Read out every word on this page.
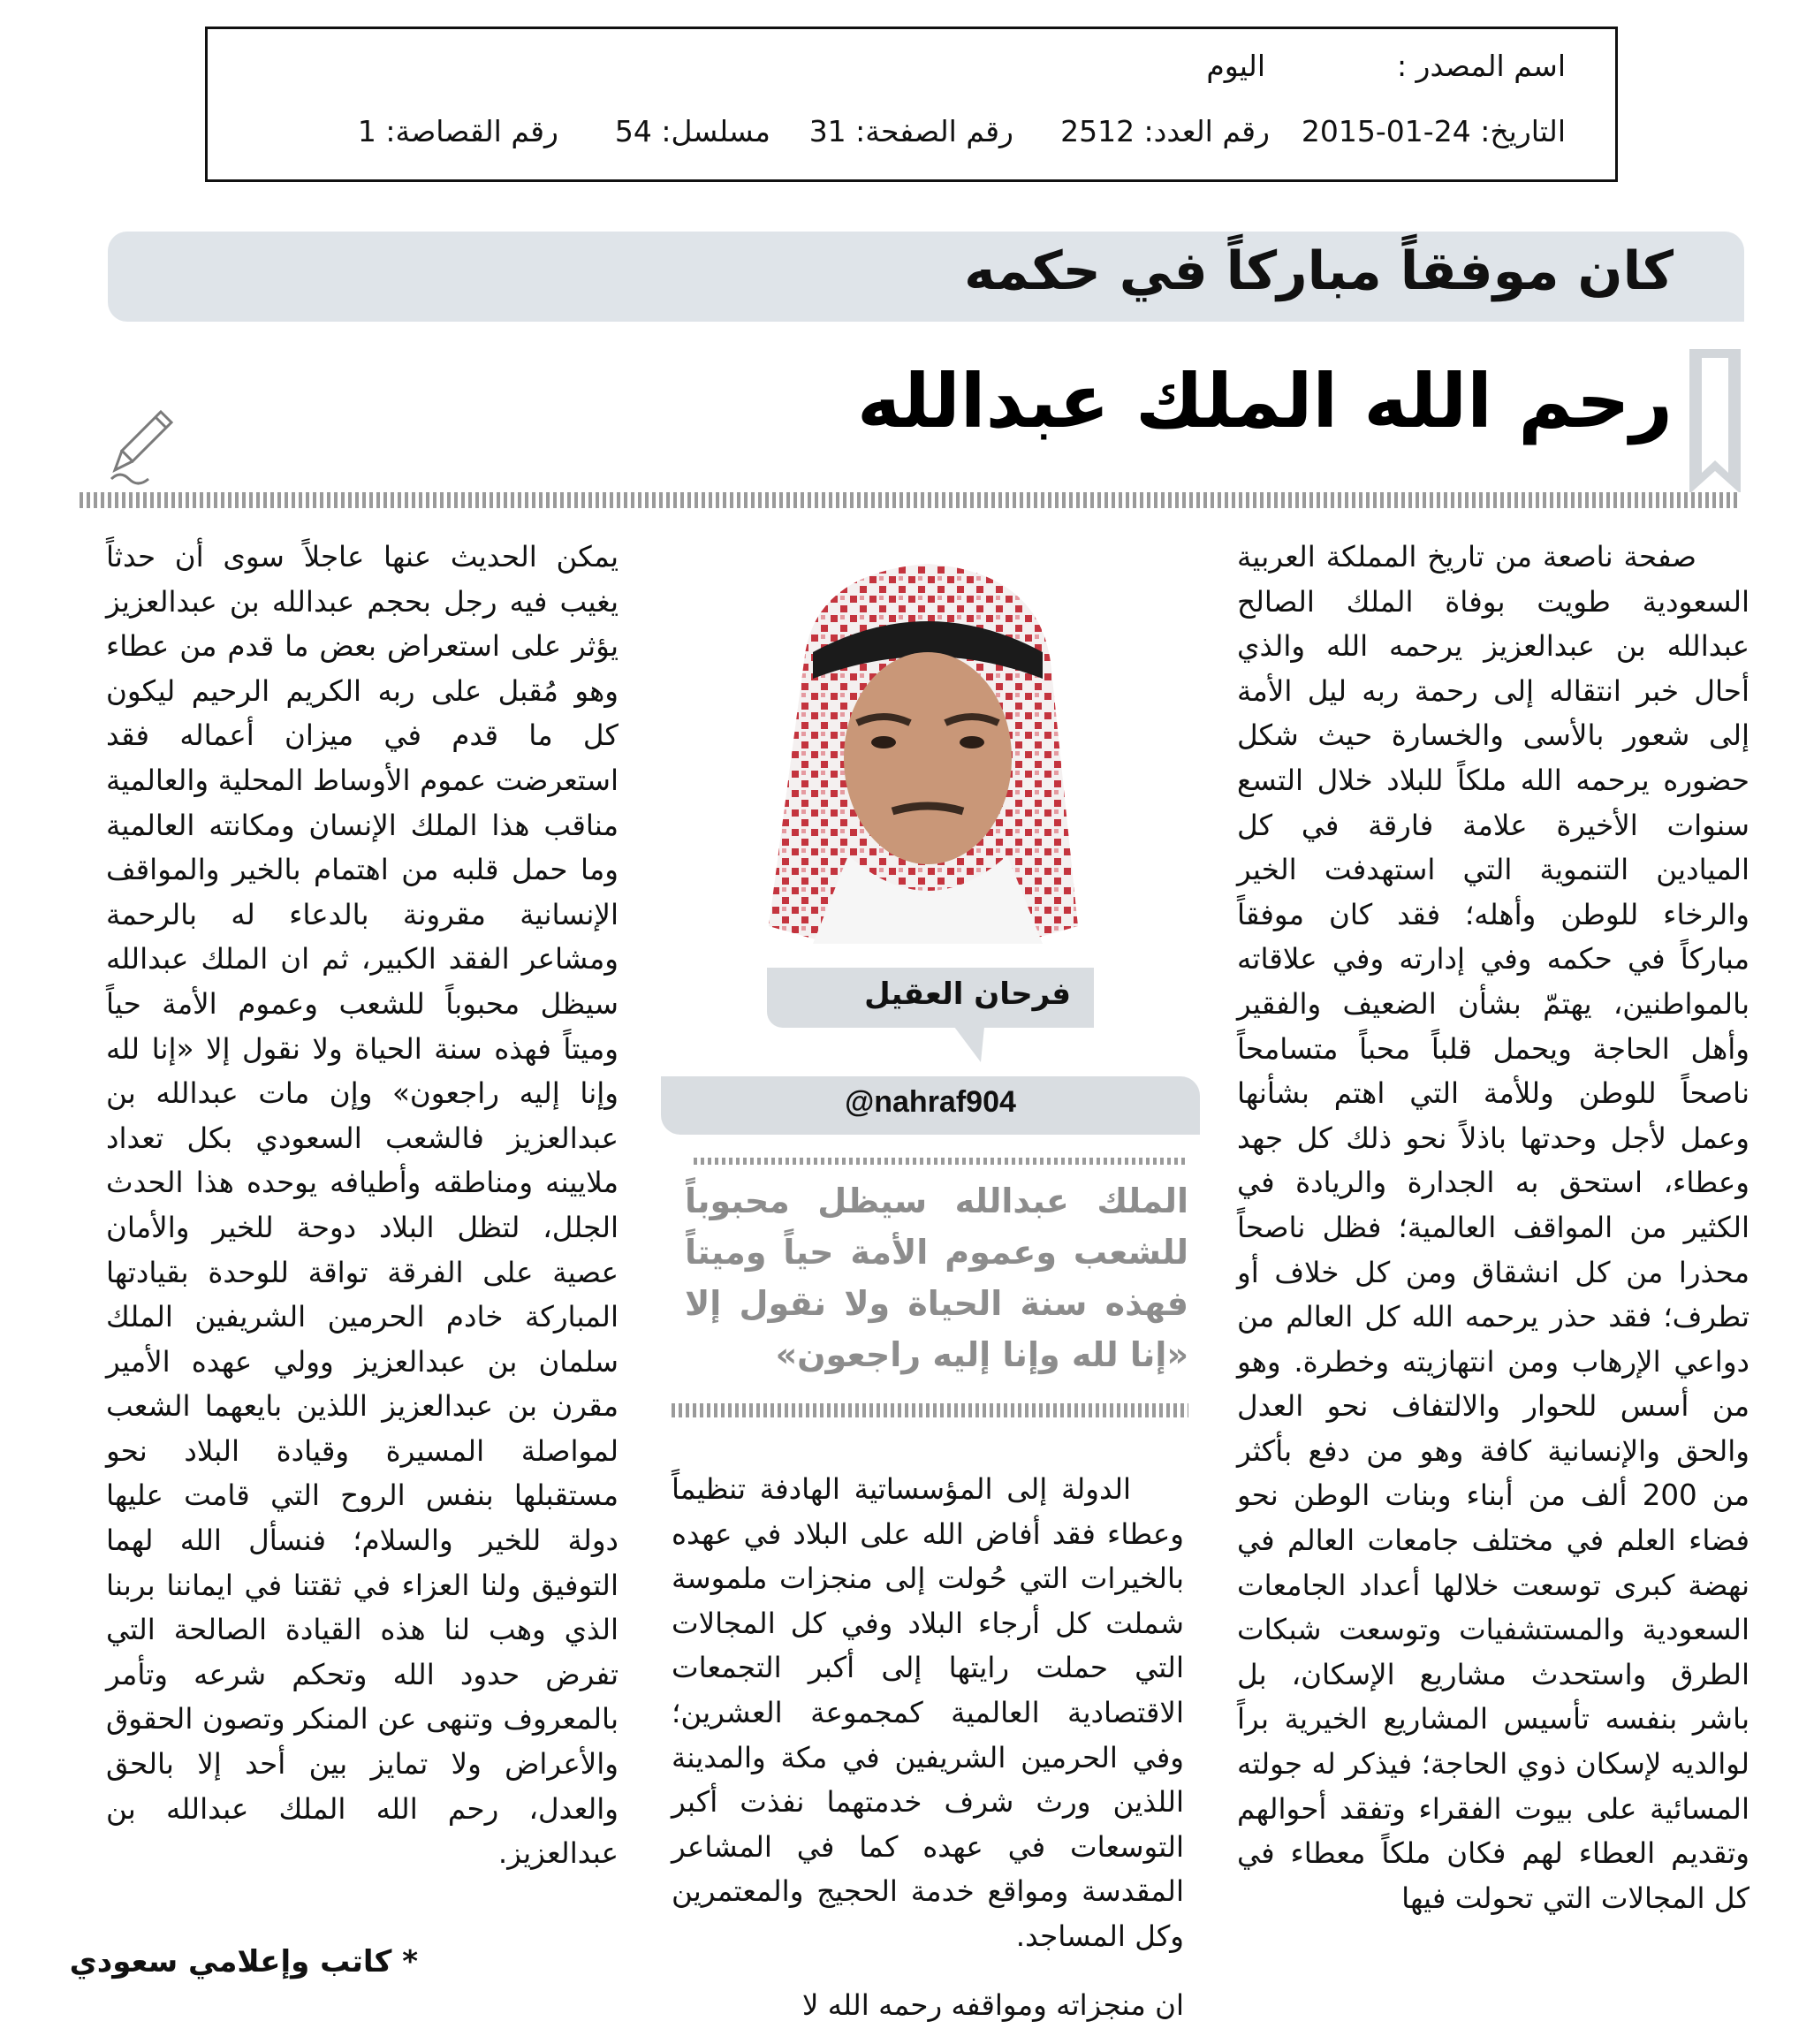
اسم المصدر :
اليوم
التاريخ: 24-01-2015
رقم العدد: 2512
رقم الصفحة: 31
مسلسل: 54
رقم القصاصة: 1
كان موفقاً مباركاً في حكمه
رحم الله الملك عبدالله

صفحة ناصعة من تاريخ المملكة العربية السعودية طويت بوفاة الملك الصالح عبدالله بن عبدالعزيز يرحمه الله والذي أحال خبر انتقاله إلى رحمة ربه ليل الأمة إلى شعور بالأسى والخسارة حيث شكل حضوره يرحمه الله ملكاً للبلاد خلال التسع سنوات الأخيرة علامة فارقة في كل الميادين التنموية التي استهدفت الخير والرخاء للوطن وأهله؛ فقد كان موفقاً مباركاً في حكمه وفي إدارته وفي علاقاته بالمواطنين، يهتمّ بشأن الضعيف والفقير وأهل الحاجة ويحمل قلباً محباً متسامحاً ناصحاً للوطن وللأمة التي اهتم بشأنها وعمل لأجل وحدتها باذلاً نحو ذلك كل جهد وعطاء، استحق به الجدارة والريادة في الكثير من المواقف العالمية؛ فظل ناصحاً محذرا من كل انشقاق ومن كل خلاف أو تطرف؛ فقد حذر يرحمه الله كل العالم من دواعي الإرهاب ومن انتهازيته وخطرة. وهو من أسس للحوار والالتفاف نحو العدل والحق والإنسانية كافة وهو من دفع بأكثر من 200 ألف من أبناء وبنات الوطن نحو فضاء العلم في مختلف جامعات العالم في نهضة كبرى توسعت خلالها أعداد الجامعات السعودية والمستشفيات وتوسعت شبكات الطرق واستحدث مشاريع الإسكان، بل باشر بنفسه تأسيس المشاريع الخيرية براً لوالديه لإسكان ذوي الحاجة؛ فيذكر له جولته المسائية على بيوت الفقراء وتفقد أحوالهم وتقديم العطاء لهم فكان ملكاً معطاء في كل المجالات التي تحولت فيها

فرحان العقيل
@nahraf904
الملك عبدالله سيظل محبوباً للشعب وعموم الأمة حياً وميتاً فهذه سنة الحياة ولا نقول إلا «إنا لله وإنا إليه راجعون»

الدولة إلى المؤسساتية الهادفة تنظيماً وعطاء فقد أفاض الله على البلاد في عهده بالخيرات التي حُولت إلى منجزات ملموسة شملت كل أرجاء البلاد وفي كل المجالات التي حملت رايتها إلى أكبر التجمعات الاقتصادية العالمية كمجموعة العشرين؛ وفي الحرمين الشريفين في مكة والمدينة اللذين ورث شرف خدمتهما نفذت أكبر التوسعات في عهده كما في المشاعر المقدسة ومواقع خدمة الحجيج والمعتمرين وكل المساجد.

ان منجزاته ومواقفه رحمه الله لا

يمكن الحديث عنها عاجلاً سوى أن حدثاً يغيب فيه رجل بحجم عبدالله بن عبدالعزيز يؤثر على استعراض بعض ما قدم من عطاء وهو مُقبل على ربه الكريم الرحيم ليكون كل ما قدم في ميزان أعماله فقد استعرضت عموم الأوساط المحلية والعالمية مناقب هذا الملك الإنسان ومكانته العالمية وما حمل قلبه من اهتمام بالخير والمواقف الإنسانية مقرونة بالدعاء له بالرحمة ومشاعر الفقد الكبير، ثم ان الملك عبدالله سيظل محبوباً للشعب وعموم الأمة حياً وميتاً فهذه سنة الحياة ولا نقول إلا «إنا لله وإنا إليه راجعون» وإن مات عبدالله بن عبدالعزيز فالشعب السعودي بكل تعداد ملايينه ومناطقه وأطيافه يوحده هذا الحدث الجلل، لتظل البلاد دوحة للخير والأمان عصية على الفرقة تواقة للوحدة بقيادتها المباركة خادم الحرمين الشريفين الملك سلمان بن عبدالعزيز وولي عهده الأمير مقرن بن عبدالعزيز اللذين بايعهما الشعب لمواصلة المسيرة وقيادة البلاد نحو مستقبلها بنفس الروح التي قامت عليها دولة للخير والسلام؛ فنسأل الله لهما التوفيق ولنا العزاء في ثقتنا في ايماننا بربنا الذي وهب لنا هذه القيادة الصالحة التي تفرض حدود الله وتحكم شرعه وتأمر بالمعروف وتنهى عن المنكر وتصون الحقوق والأعراض ولا تمايز بين أحد إلا بالحق والعدل، رحم الله الملك عبدالله بن عبدالعزيز.

* كاتب وإعلامي سعودي
